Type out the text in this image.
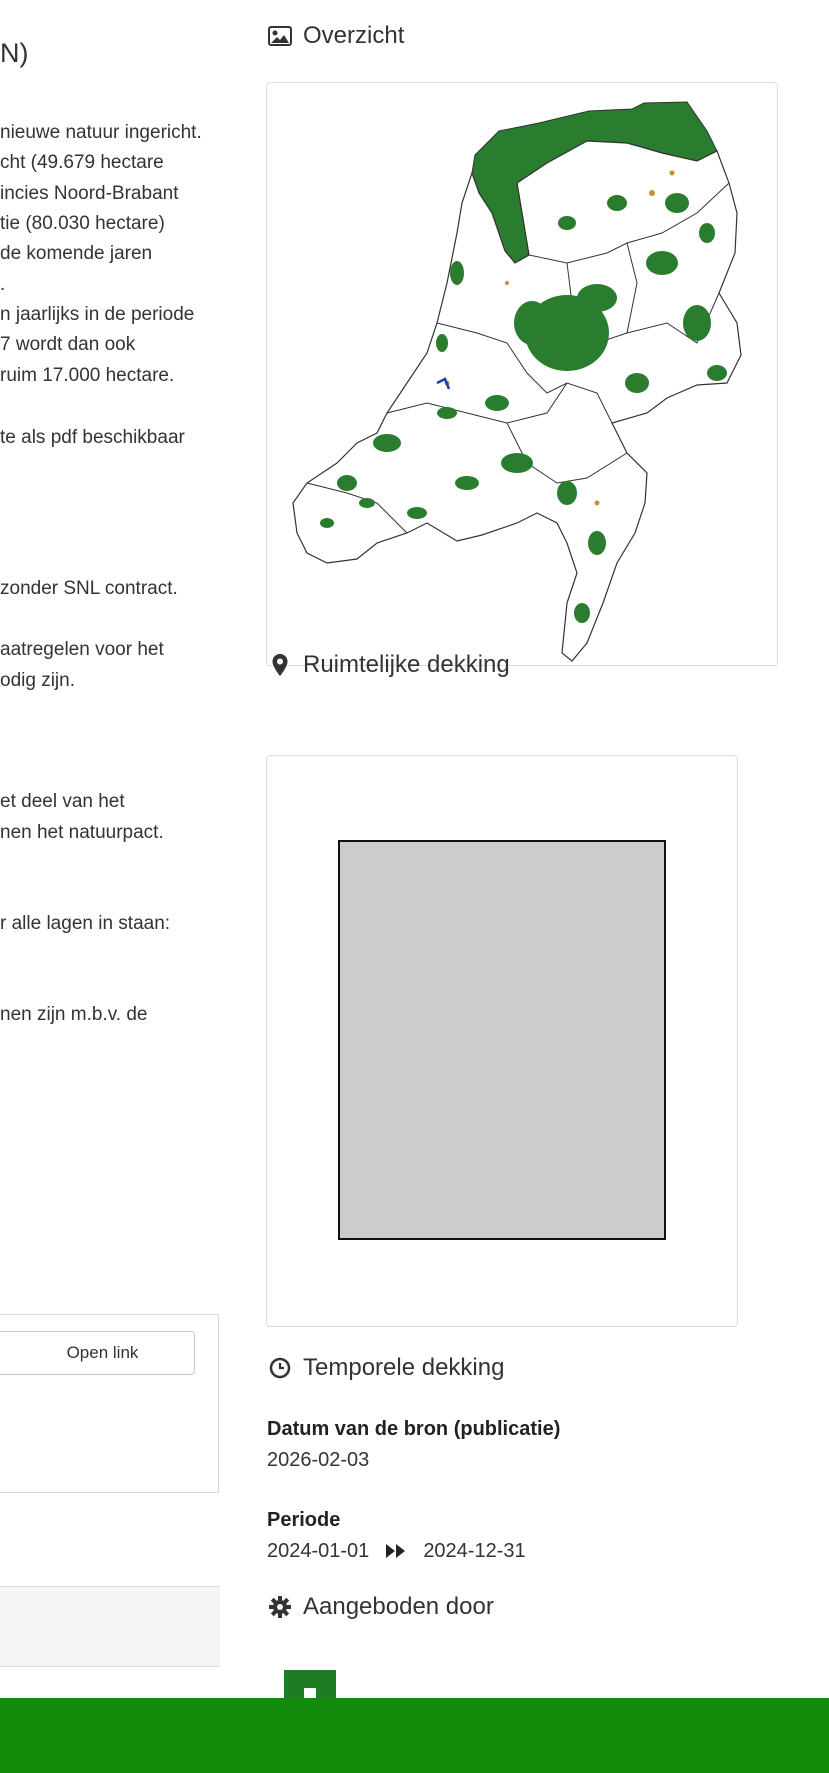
N)
nieuwe natuur ingericht.
cht (49.679 hectare
incies Noord-Brabant
tie (80.030 hectare)
de komende jaren
.
n jaarlijks in de periode
7 wordt dan ook
ruim 17.000 hectare.
te als pdf beschikbaar
zonder SNL contract.
aatregelen voor het
odig zijn.
et deel van het
nen het natuurpact.
r alle lagen in staan:
nen zijn m.b.v. de
Open link
Overzicht
Ruimtelijke dekking
Temporele dekking
Datum van de bron (publicatie)
2026-02-03
Periode
2024-01-01	2024-12-31
Aangeboden door
